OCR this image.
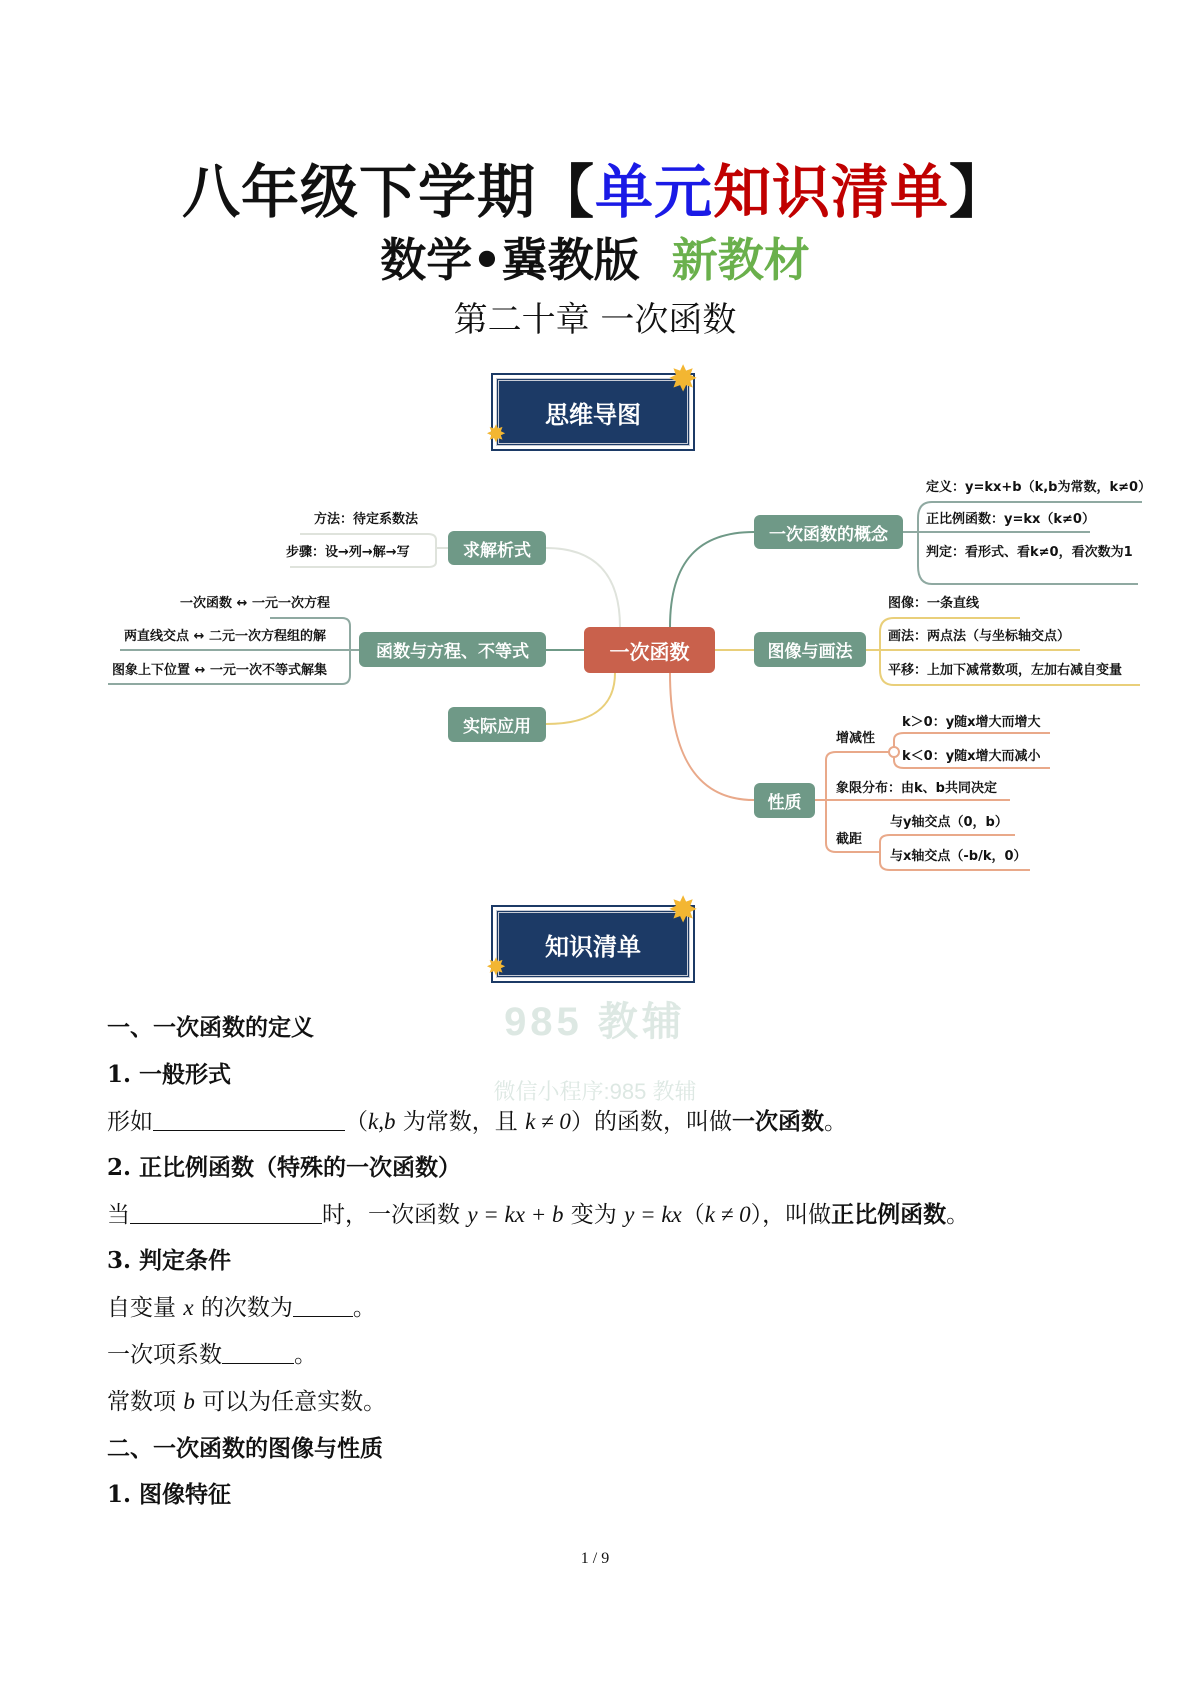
八年级下学期【单元知识清单】
数学•冀教版 新教材
第二十章 一次函数
思维导图
✸
✸
求解析式
函数与方程、不等式
实际应用
一次函数
一次函数的概念
图像与画法
性质
方法：待定系数法
步骤：设→列→解→写
一次函数 ↔ 一元一次方程
两直线交点 ↔ 二元一次方程组的解
图象上下位置 ↔ 一元一次不等式解集
定义：y=kx+b（k,b为常数，k≠0）
正比例函数：y=kx（k≠0）
判定：看形式、看k≠0，看次数为1
图像：一条直线
画法：两点法（与坐标轴交点）
平移：上加下减常数项，左加右减自变量
增减性
k＞0：y随x增大而增大
k＜0：y随x增大而减小
象限分布：由k、b共同决定
截距
与y轴交点（0，b）
与x轴交点（-b/k，0）
知识清单
✸
✸
985 教辅
微信小程序:985 教辅
一、一次函数的定义
1. 一般形式
形如	（k,b 为常数，且 k ≠ 0）的函数，叫做一次函数。
2. 正比例函数（特殊的一次函数）
当	时，一次函数 y = kx + b 变为 y = kx（k ≠ 0），叫做正比例函数。
3. 判定条件
自变量 x 的次数为	。
一次项系数	。
常数项 b 可以为任意实数。
二、一次函数的图像与性质
1. 图像特征
1 / 9
